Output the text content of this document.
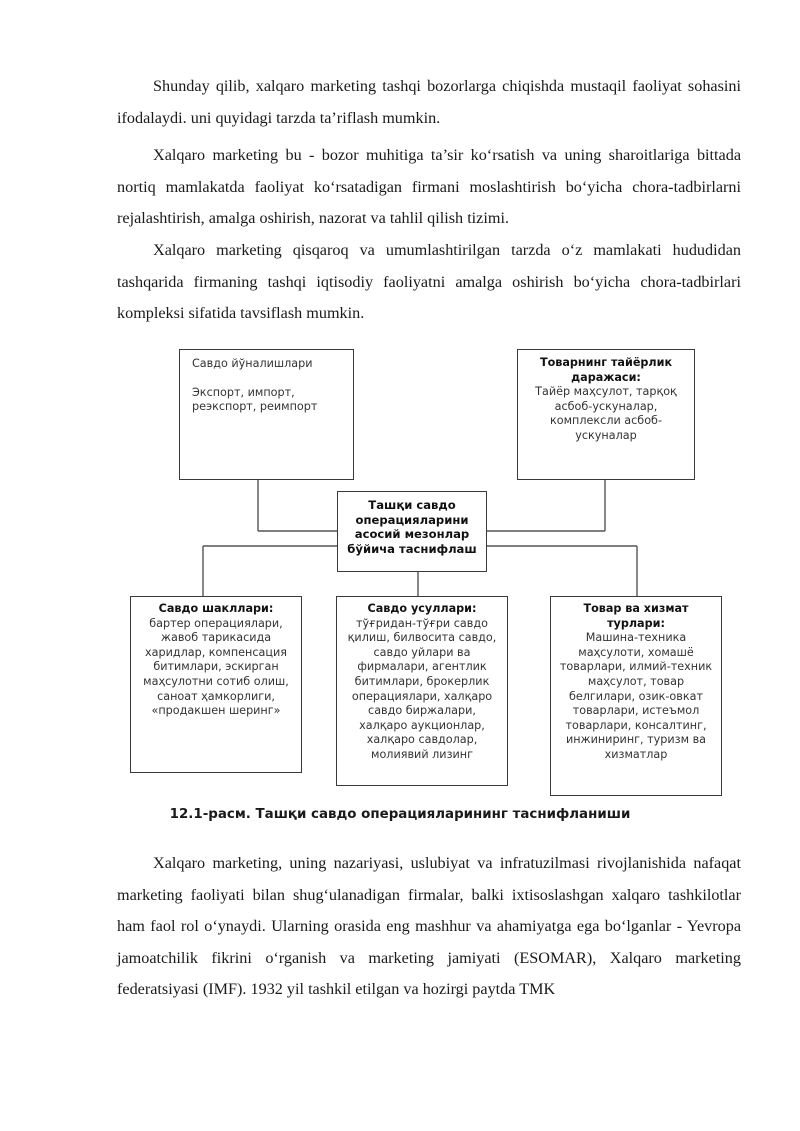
Shunday qilib, xalqaro marketing tashqi bozorlarga chiqishda mustaqil faoliyat sohasini ifodalaydi. uni quyidagi tarzda ta’riflash mumkin.

Xalqaro marketing bu - bozor muhitiga ta’sir ko‘rsatish va uning sharoitlariga bittada nortiq mamlakatda faoliyat ko‘rsatadigan firmani moslashtirish bo‘yicha chora-tadbirlarni rejalashtirish, amalga oshirish, nazorat va tahlil qilish tizimi.

Xalqaro marketing qisqaroq va umumlashtirilgan tarzda o‘z mamlakati hududidan tashqarida firmaning tashqi iqtisodiy faoliyatni amalga oshirish bo‘yicha chora-tadbirlari kompleksi sifatida tavsiflash mumkin.

Савдо йўналишлари
Экспорт, импорт, реэкспорт, реимпорт
Товарнинг тайёрлик даражаси:
Тайёр маҳсулот, тарқоқ асбоб-ускуналар, комплексли асбоб-ускуналар
Ташқи савдо операцияларини асосий мезонлар бўйича таснифлаш
Савдо шакллари:
бартер операциялари, жавоб тарикасида харидлар, компенсация битимлари, эскирган маҳсулотни сотиб олиш, саноат ҳамкорлиги, «продакшен шеринг»
Савдо усуллари:
тўғридан-тўғри савдо қилиш, билвосита савдо, савдо уйлари ва фирмалари, агентлик битимлари, брокерлик операциялари, халқаро савдо биржалари, халқаро аукционлар, халқаро савдолар, молиявий лизинг
Товар ва хизмат турлари:
Машина-техника маҳсулоти, хомашё товарлари, илмий-техник маҳсулот, товар белгилари, озик-овкат товарлари, истеъмол товарлари, консалтинг, инжиниринг, туризм ва хизматлар
12.1-расм. Ташқи савдо операцияларининг таснифланиши

Xalqaro marketing, uning nazariyasi, uslubiyat va infratuzilmasi rivojlanishida nafaqat marketing faoliyati bilan shug‘ulanadigan firmalar, balki ixtisoslashgan xalqaro tashkilotlar ham faol rol o‘ynaydi. Ularning orasida eng mashhur va ahamiyatga ega bo‘lganlar - Yevropa jamoatchilik fikrini o‘rganish va marketing jamiyati (ESOMAR), Xalqaro marketing federatsiyasi (IMF). 1932 yil tashkil etilgan va hozirgi paytda TMK
